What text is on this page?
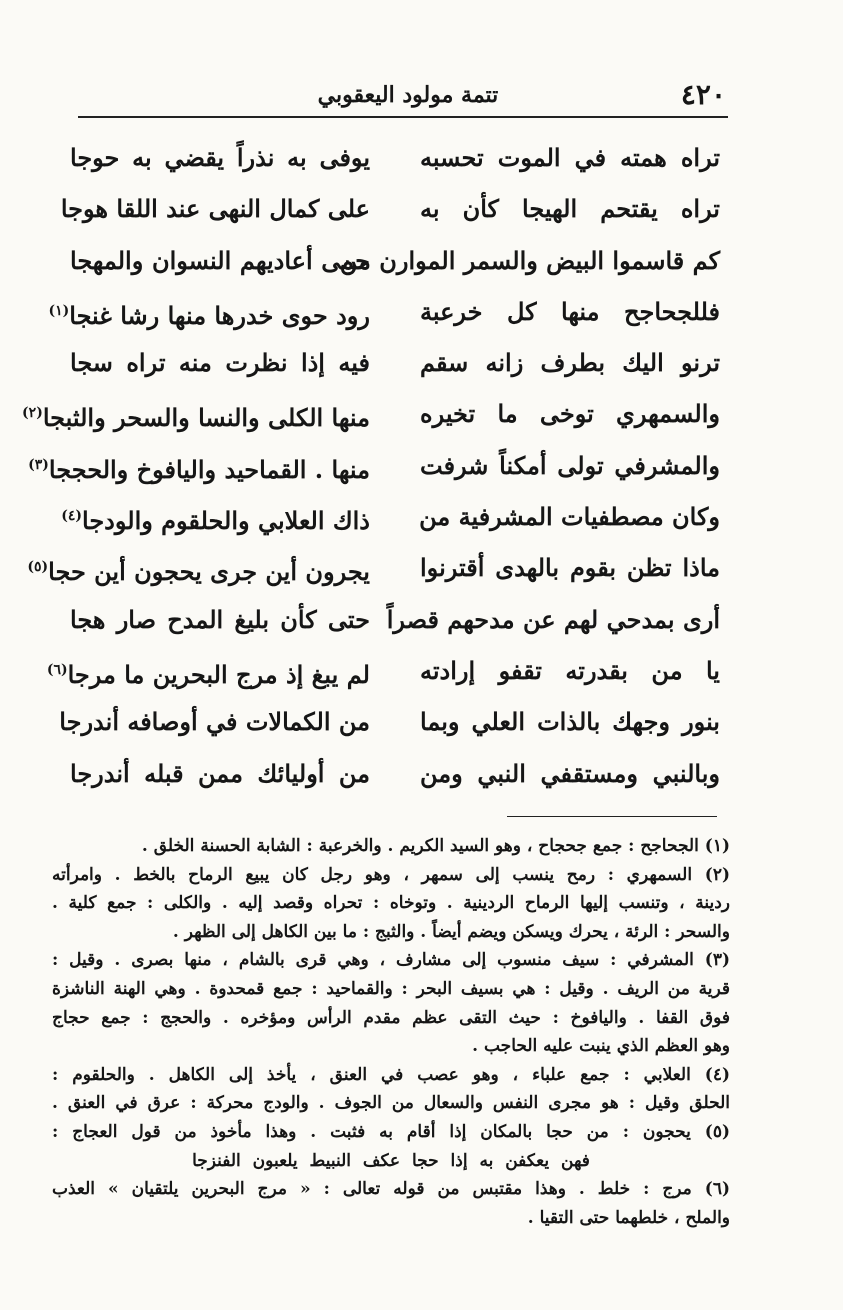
٤٢٠
تتمة مولود اليعقوبي
تراه همته في الموت تحسبه
يوفى به نذراً يقضي به حوجا
تراه يقتحم الهيجا كأن به
على كمال النهى عند اللقا هوجا
كم قاسموا البيض والسمر الموارن من
حمى أعاديهم النسوان والمهجا
فللجحاجح منها كل خرعبة
رود حوى خدرها منها رشا غنجا$^{(١)}$
ترنو اليك بطرف زانه سقم
فيه إذا نظرت منه تراه سجا
والسمهري توخى ما تخيره
منها الكلى والنسا والسحر والثبجا$^{(٢)}$
والمشرفي تولى أمكناً شرفت
منها . القماحيد واليافوخ والحججا$^{(٣)}$
وكان مصطفيات المشرفية من
ذاك العلابي والحلقوم والودجا$^{(٤)}$
ماذا تظن بقوم بالهدى أقترنوا
يجرون أين جرى يحجون أين حجا$^{(٥)}$
أرى بمدحي لهم عن مدحهم قصراً
حتى كأن بليغ المدح صار هجا
يا من بقدرته تقفو إرادته
لم يبغ إذ مرج البحرين ما مرجا$^{(٦)}$
بنور وجهك بالذات العلي وبما
من الكمالات في أوصافه أندرجا
وبالنبي ومستقفي النبي ومن
من أوليائك ممن قبله أندرجا
(١) الجحاجح : جمع جحجاح ، وهو السيد الكريم . والخرعبة : الشابة الحسنة الخلق .
(٢) السمهري : رمح ينسب إلى سمهر ، وهو رجل كان يبيع الرماح بالخط . وامرأته
ردينة ، وتنسب إليها الرماح الردينية . وتوخاه : تحراه وقصد إليه . والكلى : جمع كلية .
والسحر : الرئة ، يحرك ويسكن ويضم أيضاً . والثبج : ما بين الكاهل إلى الظهر .
(٣) المشرفي : سيف منسوب إلى مشارف ، وهي قرى بالشام ، منها بصرى . وقيل :
قرية من الريف . وقيل : هي بسيف البحر : والقماحيد : جمع قمحدوة . وهي الهنة الناشزة
فوق القفا . واليافوخ : حيث التقى عظم مقدم الرأس ومؤخره . والحجج : جمع حجاج
وهو العظم الذي ينبت عليه الحاجب .
(٤) العلابي : جمع علباء ، وهو عصب في العنق ، يأخذ إلى الكاهل . والحلقوم :
الحلق وقيل : هو مجرى النفس والسعال من الجوف . والودج محركة : عرق في العنق .
(٥) يحجون : من حجا بالمكان إذا أقام به فثبت . وهذا مأخوذ من قول العجاج :
فهن يعكفن به إذا حجا عكف النبيط يلعبون الفنزجا
(٦) مرج : خلط . وهذا مقتبس من قوله تعالى : « مرج البحرين يلتقيان » العذب
والملح ، خلطهما حتى التقيا .
